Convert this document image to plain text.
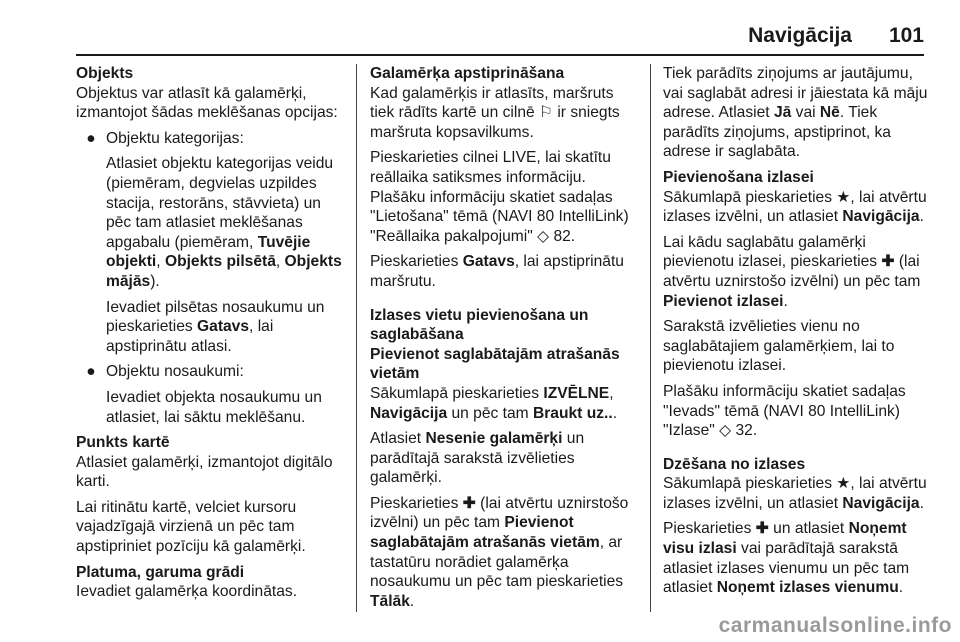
Navigācija 101

Objekts

Objektus var atlasīt kā galamērķi, izmantojot šādas meklēšanas opcijas:

● Objektu kategorijas:

Atlasiet objektu kategorijas veidu (piemēram, degvielas uzpildes stacija, restorāns, stāvvieta) un pēc tam atlasiet meklēšanas apgabalu (piemēram, Tuvējie objekti, Objekts pilsētā, Objekts mājās).

Ievadiet pilsētas nosaukumu un pieskarieties Gatavs, lai apstiprinātu atlasi.

● Objektu nosaukumi:

Ievadiet objekta nosaukumu un atlasiet, lai sāktu meklēšanu.

Punkts kartē

Atlasiet galamērķi, izmantojot digitālo karti.

Lai ritinātu kartē, velciet kursoru vajadzīgajā virzienā un pēc tam apstipriniet pozīciju kā galamērķi.

Platuma, garuma grādi

Ievadiet galamērķa koordinātas.

Galamērķa apstiprināšana

Kad galamērķis ir atlasīts, maršruts tiek rādīts kartē un cilnē ⚐ ir sniegts maršruta kopsavilkums.

Pieskarieties cilnei LIVE, lai skatītu reāllaika satiksmes informāciju. Plašāku informāciju skatiet sadaļas "Lietošana" tēmā (NAVI 80 IntelliLink) "Reāllaika pakalpojumi" ◇ 82.

Pieskarieties Gatavs, lai apstiprinātu maršrutu.

Izlases vietu pievienošana un saglabāšana

Pievienot saglabātajām atrašanās vietām

Sākumlapā pieskarieties IZVĒLNE, Navigācija un pēc tam Braukt uz...

Atlasiet Nesenie galamērķi un parādītajā sarakstā izvēlieties galamērķi.

Pieskarieties ✚ (lai atvērtu uznirstošo izvēlni) un pēc tam Pievienot saglabātajām atrašanās vietām, ar tastatūru norādiet galamērķa nosaukumu un pēc tam pieskarieties Tālāk.

Tiek parādīts ziņojums ar jautājumu, vai saglabāt adresi ir jāiestata kā māju adrese. Atlasiet Jā vai Nē. Tiek parādīts ziņojums, apstiprinot, ka adrese ir saglabāta.

Pievienošana izlasei

Sākumlapā pieskarieties ★, lai atvērtu izlases izvēlni, un atlasiet Navigācija.

Lai kādu saglabātu galamērķi pievienotu izlasei, pieskarieties ✚ (lai atvērtu uznirstošo izvēlni) un pēc tam Pievienot izlasei.

Sarakstā izvēlieties vienu no saglabātajiem galamērķiem, lai to pievienotu izlasei.

Plašāku informāciju skatiet sadaļas "Ievads" tēmā (NAVI 80 IntelliLink) "Izlase" ◇ 32.

Dzēšana no izlases

Sākumlapā pieskarieties ★, lai atvērtu izlases izvēlni, un atlasiet Navigācija.

Pieskarieties ✚ un atlasiet Noņemt visu izlasi vai parādītajā sarakstā atlasiet izlases vienumu un pēc tam atlasiet Noņemt izlases vienumu.

carmanualsonline.info
